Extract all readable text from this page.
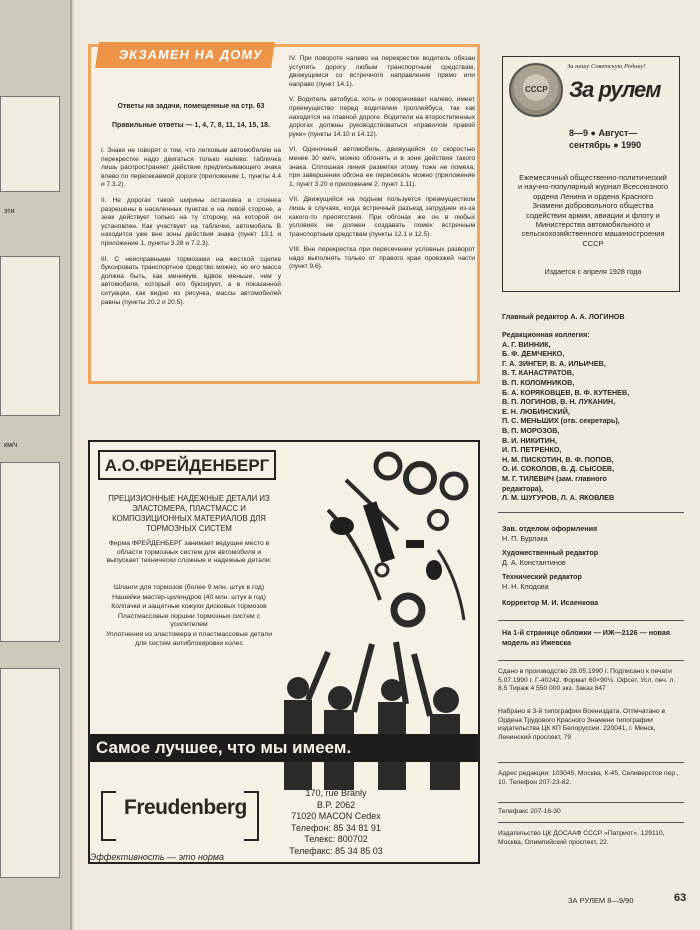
эти
км/ч
ЭКЗАМЕН НА ДОМУ
Ответы на задачи, помещенные на стр. 63
Правильные ответы — 1, 4, 7, 8, 11, 14, 15, 18.

I. Знаки не говорят о том, что легковым автомобилям на перекрестке надо двигаться только налево: табличка лишь распространяет действие предписывающего знака влево по пересекаемой дороге (приложение 1, пункты 4.4 и 7.3.2).

II. Не дорогах такой ширины остановка и стоянка разрешены в населенных пунктах и на левой стороне, а знак действует только на ту сторону, на которой он установлен. Как участвует на табличке, автомобиль В находится уже вне зоны действия знака (пункт 13.1 и приложение 1, пункты 3.28 и 7.2.3).

III. С неисправными тормозами на жесткой сцепке буксировать транспортное средство можно, но его масса должна быть, как минимум, вдвое меньше, чем у автомобиля, который его буксирует, а в показанной ситуации, как видно из рисунка, массы автомобилей равны (пункты 20.2 и 20.5).

IV. При повороте налево на перекрестке водитель обязан уступить дорогу любым транспортным средствам, движущимся со встречного направления прямо или направо (пункт 14.1).

V. Водитель автобуса, хоть и поворачивает налево, имеет преимущество перед водителем троллейбуса, так как находится на главной дороге. Водители на второстепенных дорогах должны руководствоваться «правилом правой руки» (пункты 14.10 и 14.12).

VI. Одиночный автомобиль, движущийся со скоростью менее 30 км/ч, можно обгонять и в зоне действия такого знака. Сплошная линия разметки этому тоже не помеха: при завершении обгона ее пересекать можно (приложение 1, пункт 3.20 и приложение 2, пункт 1.11).

VII. Движущийся на подъем пользуется преимуществом лишь в случаях, когда встречный разъезд затруднен из-за какого-то препятствия. При обгонах же он в любых условиях не должен создавать помех встречным транспортным средствам (пункты 12.1 и 12.5).

VIII. Вне перекрестка при пересечении условных разворот надо выполнять только от правого края проезжей части (пункт 9.6).

СССР
За нашу Советскую Родину!
За рулем
8—9 ● Август—
сентябрь ● 1990
Ежемесячный общественно-политический и научно-популярный журнал Всесоюзного ордена Ленина и ордена Красного Знамени добровольного общества содействия армии, авиации и флоту и Министерства автомобильного и сельскохозяйственного машиностроения СССР
Издается с апреля 1928 года
Главный редактор А. А. ЛОГИНОВ
Редакционная коллегия:
А. Г. ВИННИК,
Б. Ф. ДЕМЧЕНКО,
Г. А. ЗИНГЕР, В. А. ИЛЬИЧЕВ,
В. Т. КАНАСТРАТОВ,
В. П. КОЛОМНИКОВ,
Б. А. КОРЯКОВЦЕВ, В. Ф. КУТЕНЕВ,
В. П. ЛОГИНОВ, В. Н. ЛУКАНИН,
Е. Н. ЛЮБИНСКИЙ,
П. С. МЕНЬШИХ (отв. секретарь),
В. П. МОРОЗОВ,
В. И. НИКИТИН,
И. П. ПЕТРЕНКО,
Н. М. ПИСКОТИН, В. Ф. ПОПОВ,
О. И. СОКОЛОВ, В. Д. СЫСОЕВ,
М. Г. ТИЛЕВИЧ (зам. главного
редактора),
Л. М. ШУГУРОВ, Л. А. ЯКОВЛЕВ
Зав. отделом оформления
Н. П. Бурлака
Художественный редактор
Д. А. Константинов
Технический редактор
Н. Н. Клодова
Корректор М. И. Исаенкова
На 1-й странице обложки — ИЖ—2126 — новая модель из Ижевска
Сдано в производство 28.05.1990 г. Подписано к печати 5.07.1990 г. Г-40242. Формат 60×90⅛. Офсет. Усл. печ. л. 8,5 Тираж 4 550 000 экз. Заказ 847
Набрано в 3-й типографии Воениздата. Отпечатано в Ордена Трудового Красного Знамени типографии издательства ЦК КП Белоруссии. 220041, г. Минск, Ленинский проспект, 79
Адрес редакции: 103045, Москва, К-45, Селиверстов пер., 10. Телефон 207-23-82.
Телефакс 207-16-30
Издательство ЦК ДОСААФ СССР «Патриот». 129110, Москва, Олимпийский проспект, 22.
А.О.ФРЕЙДЕНБЕРГ
ПРЕЦИЗИОННЫЕ НАДЕЖНЫЕ ДЕТАЛИ ИЗ ЭЛАСТОМЕРА, ПЛАСТМАСС И КОМПОЗИЦИОННЫХ МАТЕРИАЛОВ ДЛЯ ТОРМОЗНЫХ СИСТЕМ
Фирма ФРЕЙДЕНБЕРГ занимает ведущее место в области тормозных систем для автомобиля и выпускает технически сложные и надежные детали:
Шланги для тормозов (более 9 млн. штук в год)
Нашейки мастер-цилиндров (40 млн. штук в год)
Колпачки и защитные кожухи дисковых тормозов
Пластмассовые поршни тормозных систем с усилителем
Уплотнения из эластомера и пластмассовые детали для систем антиблокировки колес
Самое лучшее, что мы имеем.
Freudenberg
Эффективность — это норма
170, rue Branly
B.P. 2062
71020 MACON Cedex
Телефон: 85 34 81 91
Телекс: 800702
Телефакс: 85 34 85 03
ЗА РУЛЕМ 8—9/90	63
